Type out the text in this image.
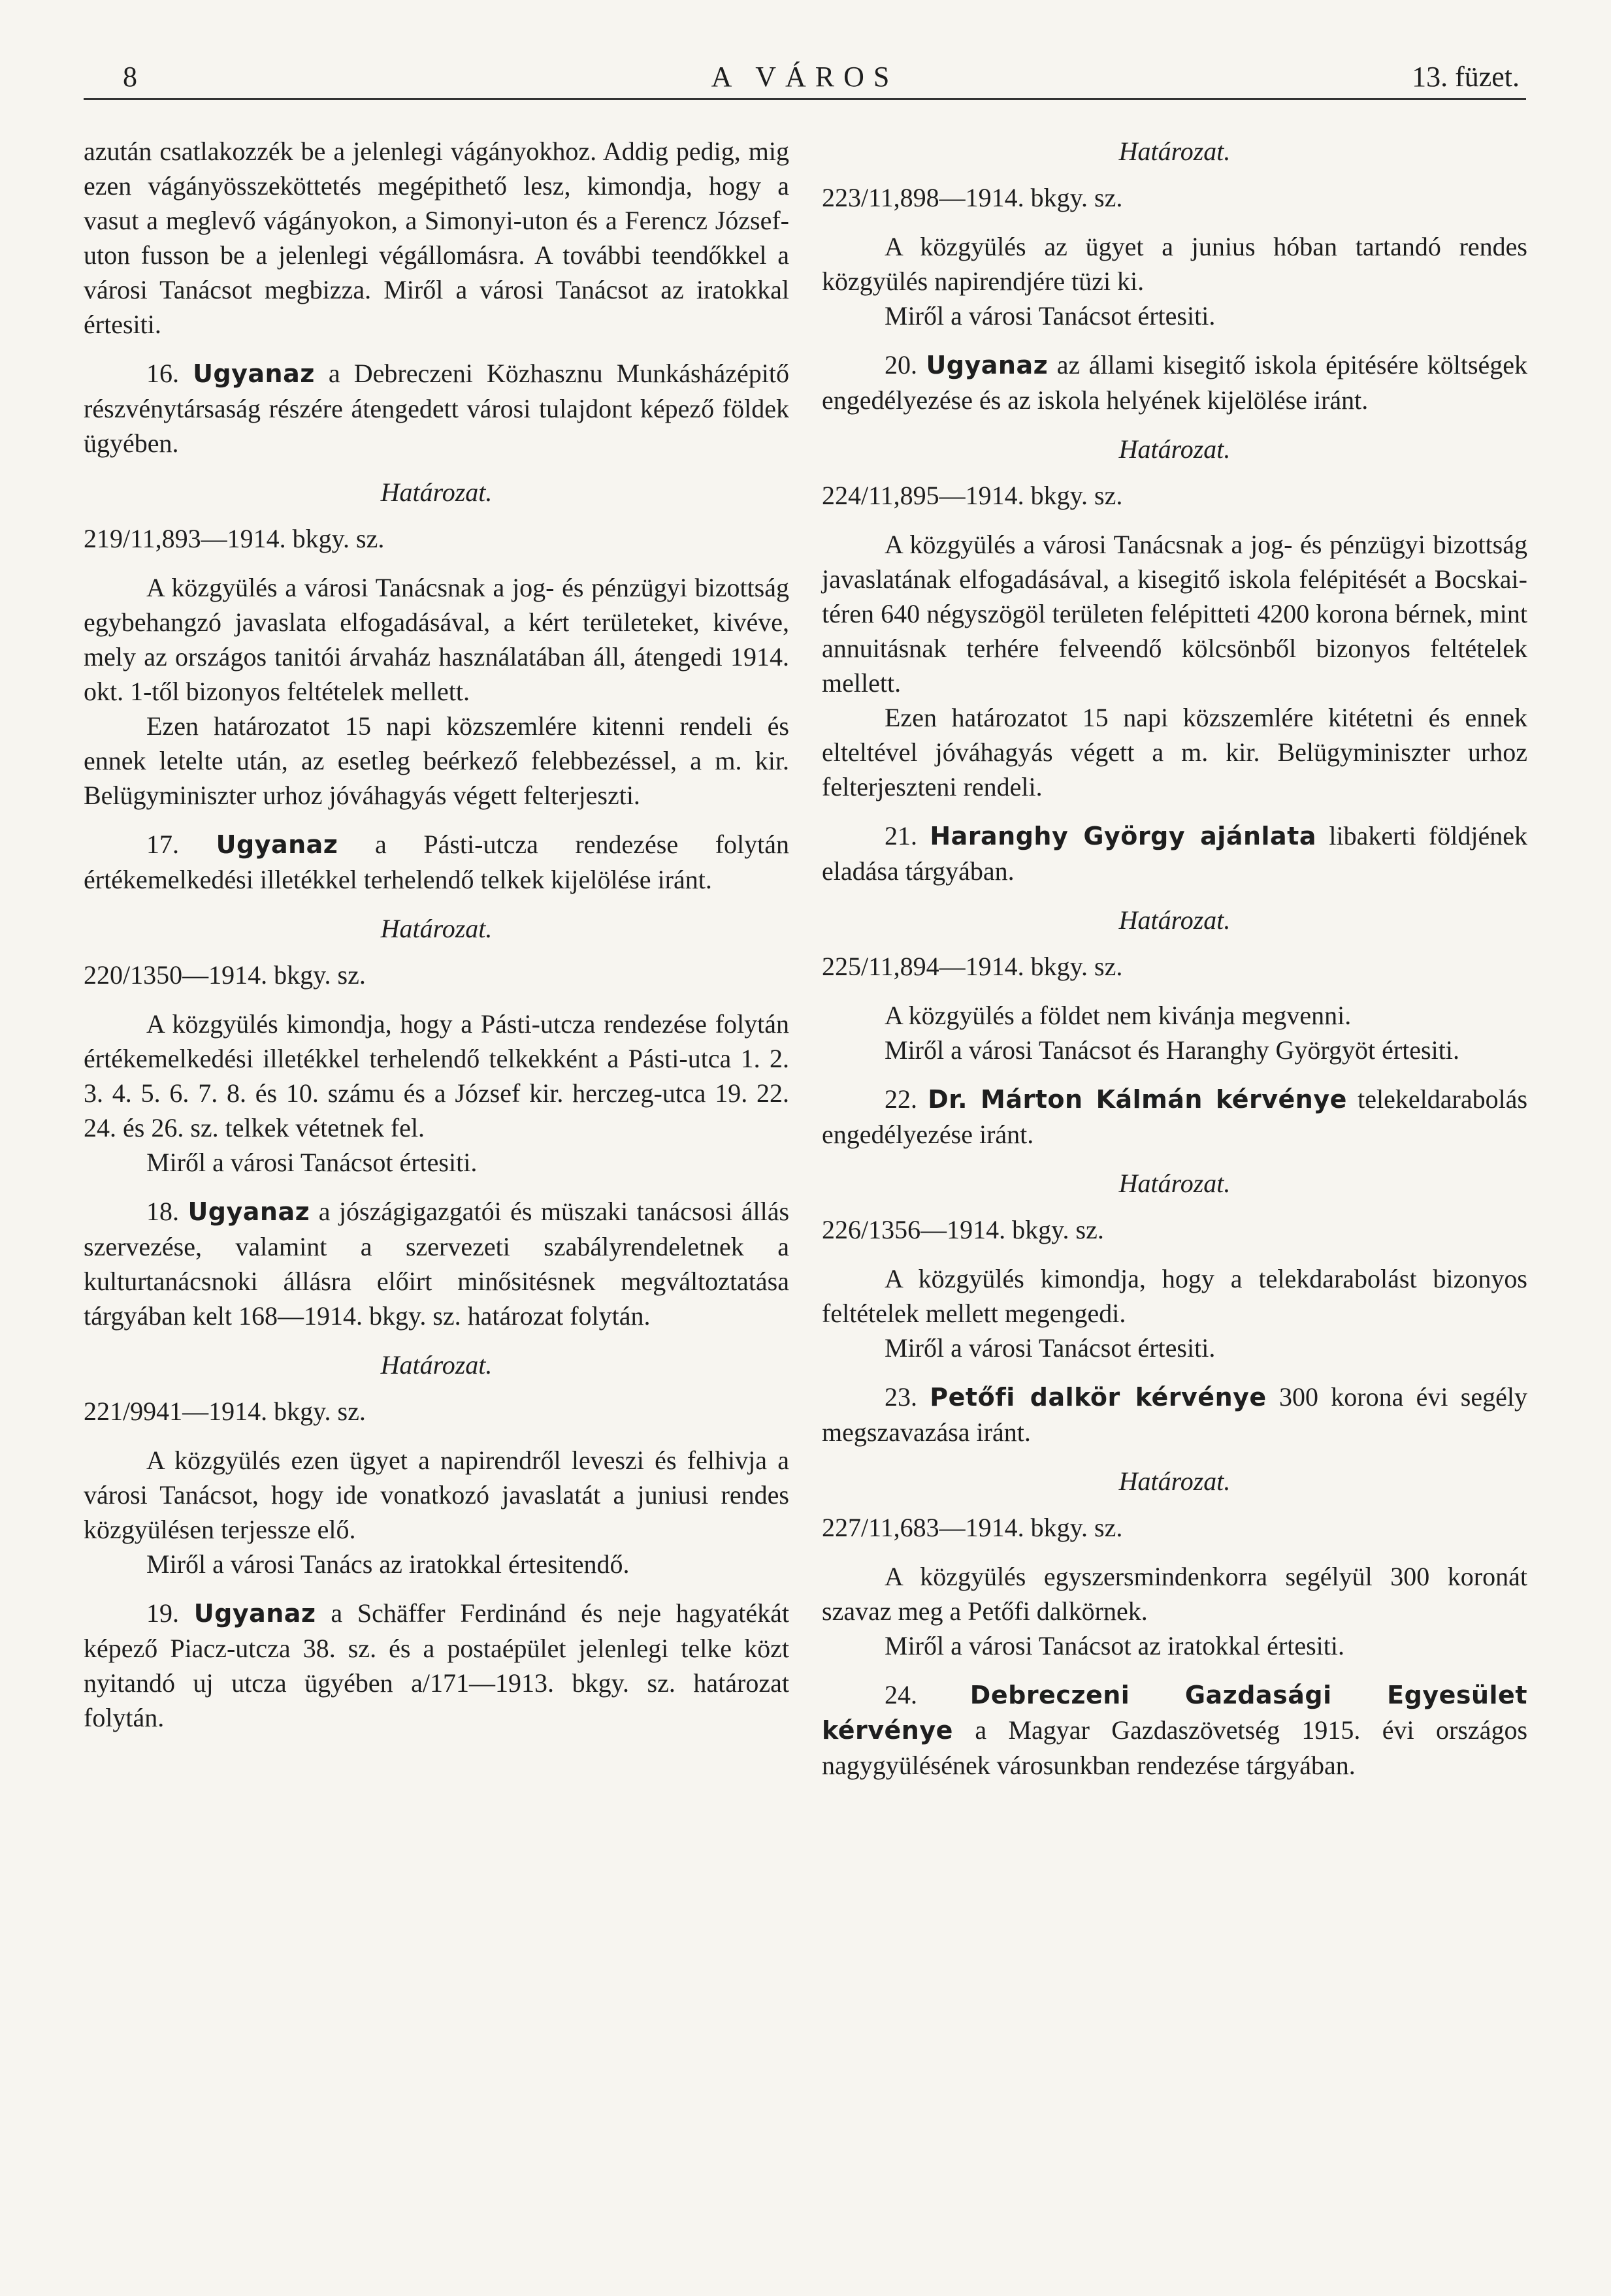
8	A VÁROS	13. füzet.

azután csatlakozzék be a jelenlegi vágányokhoz. Addig pedig, mig ezen vágányösszeköttetés megépithető lesz, kimondja, hogy a vasut a meglevő vágányokon, a Simonyi-uton és a Ferencz József-uton fusson be a jelenlegi végállomásra. A további teendőkkel a városi Tanácsot megbizza. Miről a városi Tanácsot az iratokkal értesiti.

16. Ugyanaz a Debreczeni Közhasznu Munkásházépitő részvénytársaság részére átengedett városi tulajdont képező földek ügyében.

Határozat.

219/11,893—1914. bkgy. sz.

A közgyülés a városi Tanácsnak a jog- és pénzügyi bizottság egybehangzó javaslata elfogadásával, a kért területeket, kivéve, mely az országos tanitói árvaház használatában áll, átengedi 1914. okt. 1-től bizonyos feltételek mellett.

Ezen határozatot 15 napi közszemlére kitenni rendeli és ennek letelte után, az esetleg beérkező felebbezéssel, a m. kir. Belügyminiszter urhoz jóváhagyás végett felterjeszti.

17. Ugyanaz a Pásti-utcza rendezése folytán értékemelkedési illetékkel terhelendő telkek kijelölése iránt.

Határozat.

220/1350—1914. bkgy. sz.

A közgyülés kimondja, hogy a Pásti-utcza rendezése folytán értékemelkedési illetékkel terhelendő telkekként a Pásti-utca 1. 2. 3. 4. 5. 6. 7. 8. és 10. számu és a József kir. herczeg-utca 19. 22. 24. és 26. sz. telkek vétetnek fel.

Miről a városi Tanácsot értesiti.

18. Ugyanaz a jószágigazgatói és müszaki tanácsosi állás szervezése, valamint a szervezeti szabályrendeletnek a kulturtanácsnoki állásra előirt minősitésnek megváltoztatása tárgyában kelt 168—1914. bkgy. sz. határozat folytán.

Határozat.

221/9941—1914. bkgy. sz.

A közgyülés ezen ügyet a napirendről leveszi és felhivja a városi Tanácsot, hogy ide vonatkozó javaslatát a juniusi rendes közgyülésen terjessze elő.

Miről a városi Tanács az iratokkal értesitendő.

19. Ugyanaz a Schäffer Ferdinánd és neje hagyatékát képező Piacz-utcza 38. sz. és a postaépület jelenlegi telke közt nyitandó uj utcza ügyében a/171—1913. bkgy. sz. határozat folytán.

Határozat.

223/11,898—1914. bkgy. sz.

A közgyülés az ügyet a junius hóban tartandó rendes közgyülés napirendjére tüzi ki.

Miről a városi Tanácsot értesiti.

20. Ugyanaz az állami kisegitő iskola épitésére költségek engedélyezése és az iskola helyének kijelölése iránt.

Határozat.

224/11,895—1914. bkgy. sz.

A közgyülés a városi Tanácsnak a jog- és pénzügyi bizottság javaslatának elfogadásával, a kisegitő iskola felépitését a Bocskai-téren 640 négyszögöl területen felépitteti 4200 korona bérnek, mint annuitásnak terhére felveendő kölcsönből bizonyos feltételek mellett.

Ezen határozatot 15 napi közszemlére kitétetni és ennek elteltével jóváhagyás végett a m. kir. Belügyminiszter urhoz felterjeszteni rendeli.

21. Haranghy György ajánlata libakerti földjének eladása tárgyában.

Határozat.

225/11,894—1914. bkgy. sz.

A közgyülés a földet nem kivánja megvenni.

Miről a városi Tanácsot és Haranghy Györgyöt értesiti.

22. Dr. Márton Kálmán kérvénye telekeldarabolás engedélyezése iránt.

Határozat.

226/1356—1914. bkgy. sz.

A közgyülés kimondja, hogy a telekdarabolást bizonyos feltételek mellett megengedi.

Miről a városi Tanácsot értesiti.

23. Petőfi dalkör kérvénye 300 korona évi segély megszavazása iránt.

Határozat.

227/11,683—1914. bkgy. sz.

A közgyülés egyszersmindenkorra segélyül 300 koronát szavaz meg a Petőfi dalkörnek.

Miről a városi Tanácsot az iratokkal értesiti.

24. Debreczeni Gazdasági Egyesület kérvénye a Magyar Gazdaszövetség 1915. évi országos nagygyülésének városunkban rendezése tárgyában.
